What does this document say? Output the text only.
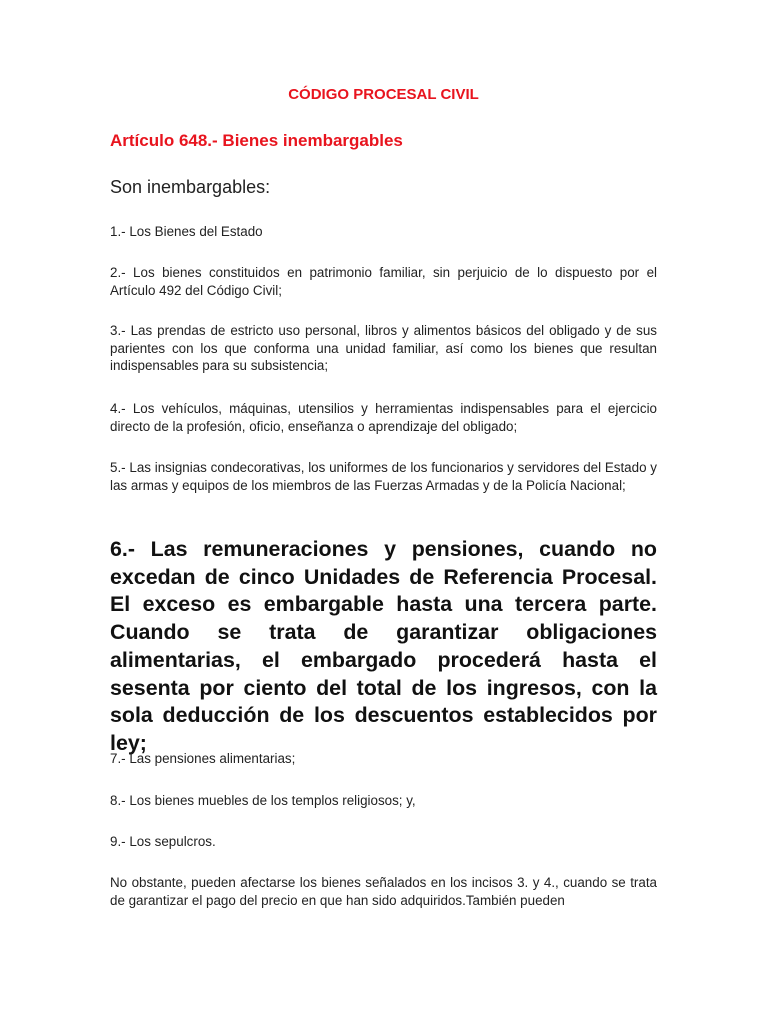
CÓDIGO PROCESAL CIVIL
Artículo 648.- Bienes inembargables

Son inembargables:

1.- Los Bienes del Estado

2.- Los bienes constituidos en patrimonio familiar, sin perjuicio de lo dispuesto por el Artículo 492 del Código Civil;

3.- Las prendas de estricto uso personal, libros y alimentos básicos del obligado y de sus parientes con los que conforma una unidad familiar, así como los bienes que resultan indispensables para su subsistencia;

4.- Los vehículos, máquinas, utensilios y herramientas indispensables para el ejercicio directo de la profesión, oficio, enseñanza o aprendizaje del obligado;

5.- Las insignias condecorativas, los uniformes de los funcionarios y servidores del Estado y las armas y equipos de los miembros de las Fuerzas Armadas y de la Policía Nacional;

6.- Las remuneraciones y pensiones, cuando no excedan de cinco Unidades de Referencia Procesal. El exceso es embargable hasta una tercera parte. Cuando se trata de garantizar obligaciones alimentarias, el embargado procederá hasta el sesenta por ciento del total de los ingresos, con la sola deducción de los descuentos establecidos por ley;

7.- Las pensiones alimentarias;

8.- Los bienes muebles de los templos religiosos; y,

9.- Los sepulcros.

No obstante, pueden afectarse los bienes señalados en los incisos 3. y 4., cuando se trata de garantizar el pago del precio en que han sido adquiridos.También pueden
